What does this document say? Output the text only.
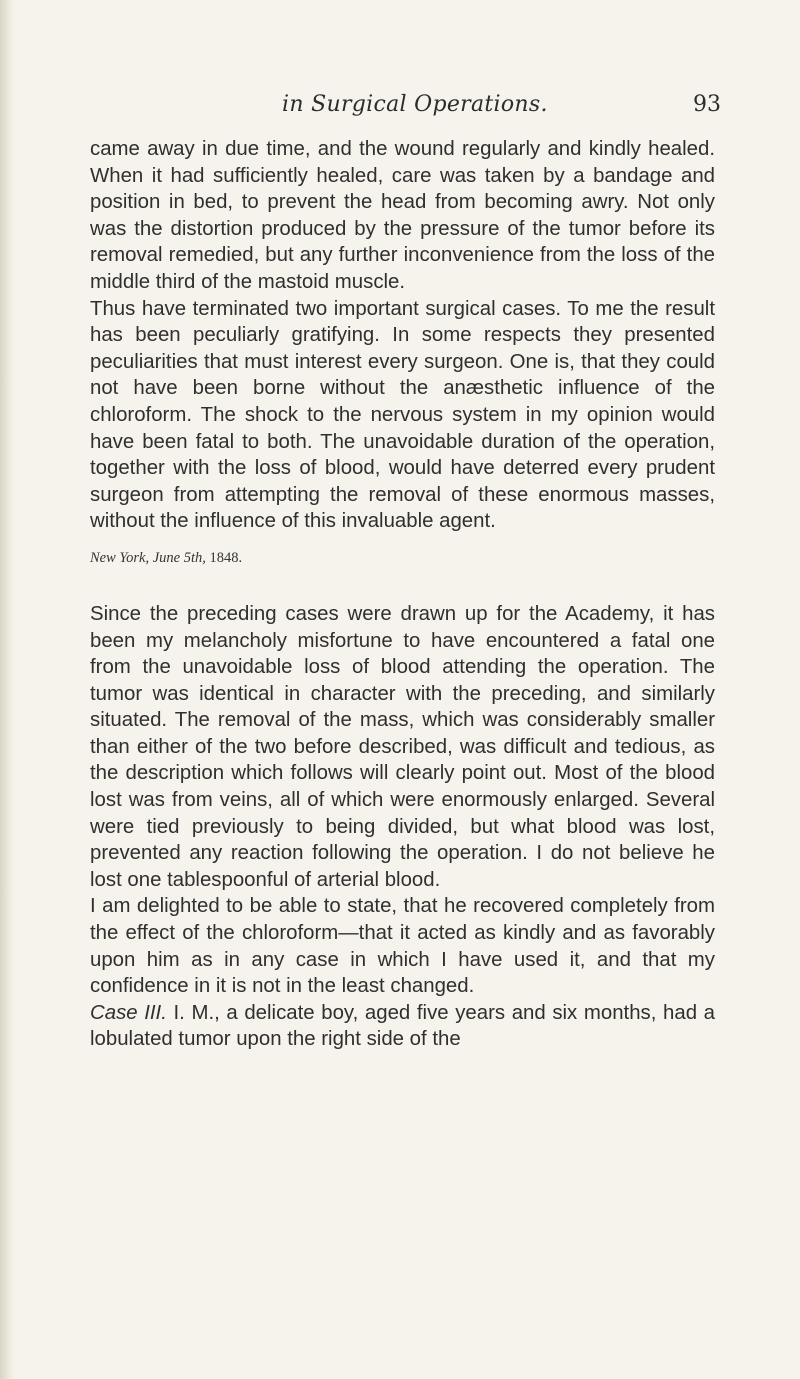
in Surgical Operations.	93

came away in due time, and the wound regularly and kindly healed. When it had sufficiently healed, care was taken by a bandage and position in bed, to prevent the head from becoming awry. Not only was the distortion produced by the pressure of the tumor before its removal remedied, but any further inconvenience from the loss of the middle third of the mastoid muscle.

Thus have terminated two important surgical cases. To me the result has been peculiarly gratifying. In some respects they presented peculiarities that must interest every surgeon. One is, that they could not have been borne without the anæsthetic influence of the chloroform. The shock to the nervous system in my opinion would have been fatal to both. The unavoidable duration of the operation, together with the loss of blood, would have deterred every prudent surgeon from attempting the removal of these enormous masses, without the influence of this invaluable agent.

New York, June 5th, 1848.

Since the preceding cases were drawn up for the Academy, it has been my melancholy misfortune to have encountered a fatal one from the unavoidable loss of blood attending the operation. The tumor was identical in character with the preceding, and similarly situated. The removal of the mass, which was considerably smaller than either of the two before described, was difficult and tedious, as the description which follows will clearly point out. Most of the blood lost was from veins, all of which were enormously enlarged. Several were tied previously to being divided, but what blood was lost, prevented any reaction following the operation. I do not believe he lost one tablespoonful of arterial blood.

I am delighted to be able to state, that he recovered completely from the effect of the chloroform—that it acted as kindly and as favorably upon him as in any case in which I have used it, and that my confidence in it is not in the least changed.

Case III. I. M., a delicate boy, aged five years and six months, had a lobulated tumor upon the right side of the
